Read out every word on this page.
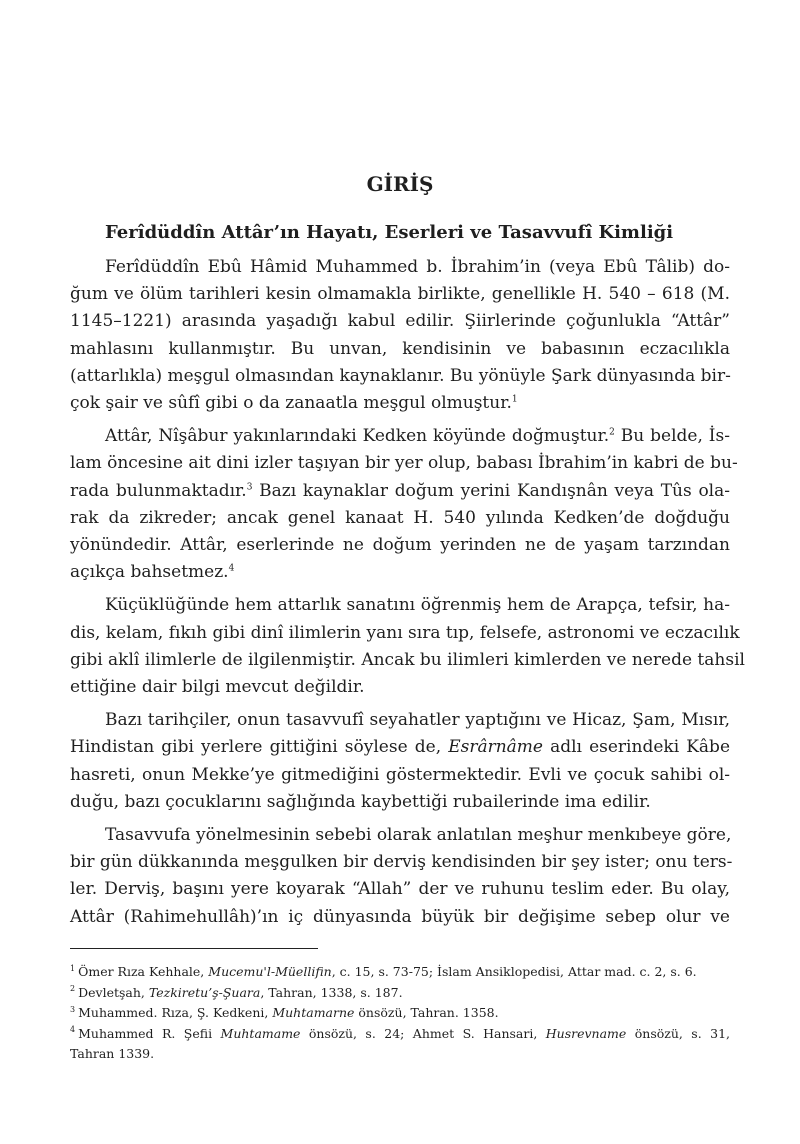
GİRİŞ
Ferîdüddîn Attâr’ın Hayatı, Eserleri ve Tasavvufî Kimliği

Ferîdüddîn Ebû Hâmid Muhammed b. İbrahim’in (veya Ebû Tâlib) do-
ğum ve ölüm tarihleri kesin olmamakla birlikte, genellikle H. 540 – 618 (M.
1145–1221) arasında yaşadığı kabul edilir. Şiirlerinde çoğunlukla “Attâr”
mahlasını kullanmıştır. Bu unvan, kendisinin ve babasının eczacılıkla
(attarlıkla) meşgul olmasından kaynaklanır. Bu yönüyle Şark dünyasında bir-
çok şair ve sûfî gibi o da zanaatla meşgul olmuştur.$^1$

Attâr, Nîşâbur yakınlarındaki Kedken köyünde doğmuştur.$^2$ Bu belde, İs-
lam öncesine ait dini izler taşıyan bir yer olup, babası İbrahim’in kabri de bu-
rada bulunmaktadır.$^3$ Bazı kaynaklar doğum yerini Kandışnân veya Tûs ola-
rak da zikreder; ancak genel kanaat H. 540 yılında Kedken’de doğduğu
yönündedir. Attâr, eserlerinde ne doğum yerinden ne de yaşam tarzından
açıkça bahsetmez.$^4$

Küçüklüğünde hem attarlık sanatını öğrenmiş hem de Arapça, tefsir, ha-
dis, kelam, fıkıh gibi dinî ilimlerin yanı sıra tıp, felsefe, astronomi ve eczacılık
gibi aklî ilimlerle de ilgilenmiştir. Ancak bu ilimleri kimlerden ve nerede tahsil
ettiğine dair bilgi mevcut değildir.

Bazı tarihçiler, onun tasavvufî seyahatler yaptığını ve Hicaz, Şam, Mısır,
Hindistan gibi yerlere gittiğini söylese de, Esrârnâme adlı eserindeki Kâbe
hasreti, onun Mekke’ye gitmediğini göstermektedir. Evli ve çocuk sahibi ol-
duğu, bazı çocuklarını sağlığında kaybettiği rubailerinde ima edilir.

Tasavvufa yönelmesinin sebebi olarak anlatılan meşhur menkıbeye göre,
bir gün dükkanında meşgulken bir derviş kendisinden bir şey ister; onu ters-
ler. Derviş, başını yere koyarak “Allah” der ve ruhunu teslim eder. Bu olay,
Attâr (Rahimehullâh)’ın iç dünyasında büyük bir değişime sebep olur ve

$^1$ Ömer Rıza Kehhale, Mucemu'l-Müellifin, c. 15, s. 73-75; İslam Ansiklopedisi, Attar mad. c. 2, s. 6.
$^2$ Devletşah, Tezkiretu’ş-Şuara, Tahran, 1338, s. 187.
$^3$ Muhammed. Rıza, Ş. Kedkeni, Muhtamarne önsözü, Tahran. 1358.
$^4$ Muhammed R. Şefii Muhtamame önsözü, s. 24; Ahmet S. Hansari, Husrevname önsözü, s. 31,
Tahran 1339.
